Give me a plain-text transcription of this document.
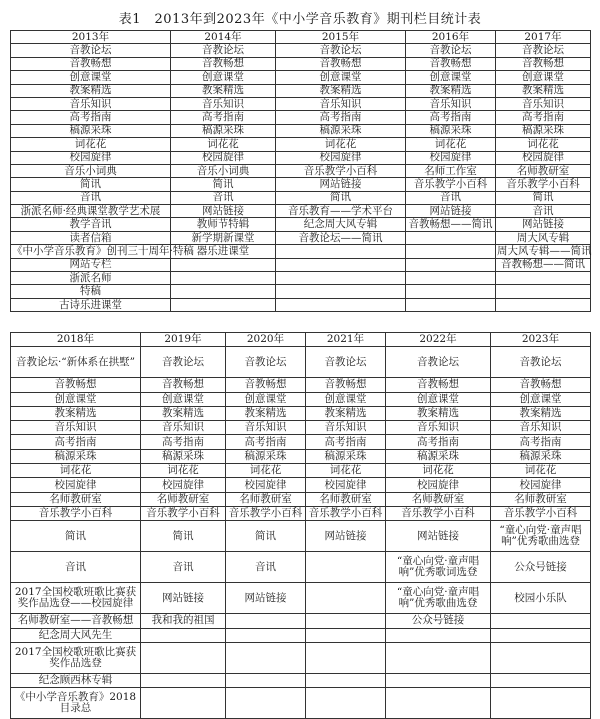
表1　2013年到2023年《中小学音乐教育》期刊栏目统计表
2013年	2014年	2015年	2016年	2017年
音教论坛	音教论坛	音教论坛	音教论坛	音教论坛
音教畅想	音教畅想	音教畅想	音教畅想	音教畅想
创意课堂	创意课堂	创意课堂	创意课堂	创意课堂
教案精选	教案精选	教案精选	教案精选	教案精选
音乐知识	音乐知识	音乐知识	音乐知识	音乐知识
高考指南	高考指南	高考指南	高考指南	高考指南
稿源采珠	稿源采珠	稿源采珠	稿源采珠	稿源采珠
词花花	词花花	词花花	词花花	词花花
校园旋律	校园旋律	校园旋律	校园旋律	校园旋律
音乐小词典	音乐小词典	音乐教学小百科	名师工作室	名师教研室
简讯	简讯	网站链接	音乐教学小百科	音乐教学小百科
音讯	音讯	简讯	音讯	简讯
浙派名师·经典课堂教学艺术展	网站链接	音乐教育——学术平台	网站链接	音讯
教学音讯	教师节特辑	纪念周大风专辑	音教畅想——简讯	网站链接
读者信箱	新学期新课堂	音教论坛——简讯		周大风专辑
《中小学音乐教育》创刊三十周年·特稿	器乐进课堂			周大风专辑——简讯
网站专栏				音教畅想——简讯
浙派名师				
特稿				
古诗乐进课堂				
2018年	2019年	2020年	2021年	2022年	2023年
音教论坛·“新体系在拱墅”	音教论坛	音教论坛	音教论坛	音教论坛	音教论坛
音教畅想	音教畅想	音教畅想	音教畅想	音教畅想	音教畅想
创意课堂	创意课堂	创意课堂	创意课堂	创意课堂	创意课堂
教案精选	教案精选	教案精选	教案精选	教案精选	教案精选
音乐知识	音乐知识	音乐知识	音乐知识	音乐知识	音乐知识
高考指南	高考指南	高考指南	高考指南	高考指南	高考指南
稿源采珠	稿源采珠	稿源采珠	稿源采珠	稿源采珠	稿源采珠
词花花	词花花	词花花	词花花	词花花	词花花
校园旋律	校园旋律	校园旋律	校园旋律	校园旋律	校园旋律
名师教研室	名师教研室	名师教研室	名师教研室	名师教研室	名师教研室
音乐教学小百科	音乐教学小百科	音乐教学小百科	音乐教学小百科	音乐教学小百科	音乐教学小百科
简讯	简讯	简讯	网站链接	网站链接	“童心向党·童声唱响”优秀歌曲选登
音讯	音讯	音讯		“童心向党·童声唱响”优秀歌词选登	公众号链接
2017全国校歌班歌比赛获奖作品选登——校园旋律	网站链接	网站链接		“童心向党·童声唱响”优秀歌曲选登	校园小乐队
名师教研室——音教畅想	我和我的祖国			公众号链接	
纪念周大风先生					
2017全国校歌班歌比赛获奖作品选登					
纪念顾西林专辑					
《中小学音乐教育》2018目录总					
